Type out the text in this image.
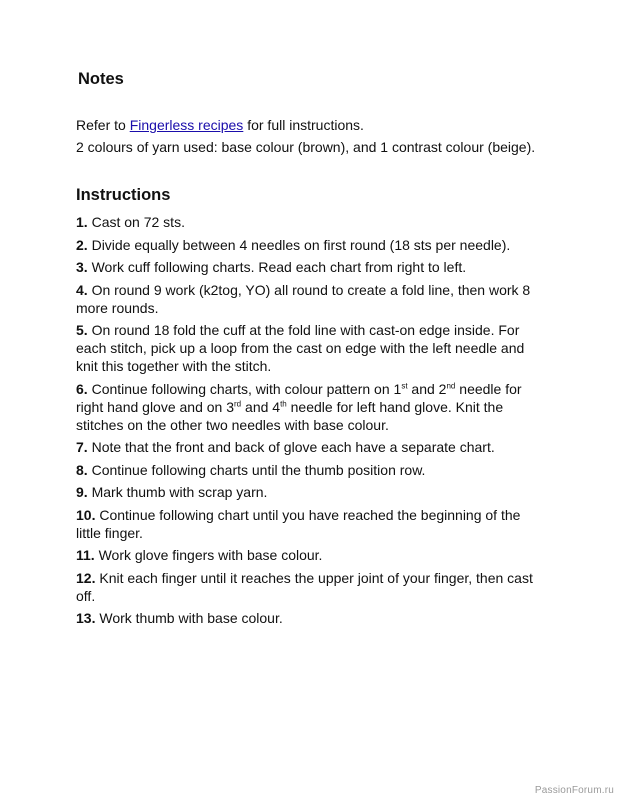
Notes

Refer to Fingerless recipes for full instructions.

2 colours of yarn used: base colour (brown), and 1 contrast colour (beige).

Instructions
1. Cast on 72 sts.
2. Divide equally between 4 needles on first round (18 sts per needle).
3. Work cuff following charts. Read each chart from right to left.
4. On round 9 work (k2tog, YO) all round to create a fold line, then work 8 more rounds.
5. On round 18 fold the cuff at the fold line with cast-on edge inside. For each stitch, pick up a loop from the cast on edge with the left needle and knit this together with the stitch.
6. Continue following charts, with colour pattern on 1st and 2nd needle for right hand glove and on 3rd and 4th needle for left hand glove. Knit the stitches on the other two needles with base colour.
7. Note that the front and back of glove each have a separate chart.
8. Continue following charts until the thumb position row.
9. Mark thumb with scrap yarn.
10. Continue following chart until you have reached the beginning of the little finger.
11. Work glove fingers with base colour.
12. Knit each finger until it reaches the upper joint of your finger, then cast off.
13. Work thumb with base colour.
PassionForum.ru
